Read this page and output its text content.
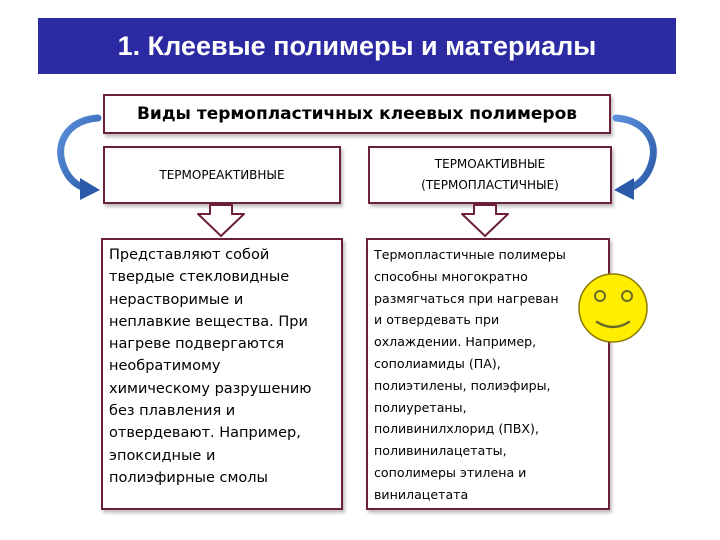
1. Клеевые полимеры и материалы
Виды термопластичных клеевых полимеров
ТЕРМОРЕАКТИВНЫЕ
ТЕРМОАКТИВНЫЕ
(ТЕРМОПЛАСТИЧНЫЕ)
Представляют собой
твердые стекловидные
нерастворимые и
неплавкие вещества. При
нагреве подвергаются
необратимому
химическому разрушению
без плавления и
отвердевают. Например,
эпоксидные и
полиэфирные смолы
Термопластичные полимеры
способны многократно
размягчаться при нагреван
и отвердевать при
охлаждении. Например,
сополиамиды (ПА),
полиэтилены, полиэфиры,
полиуретаны,
поливинилхлорид (ПВХ),
поливинилацетаты,
сополимеры этилена и
винилацетата
